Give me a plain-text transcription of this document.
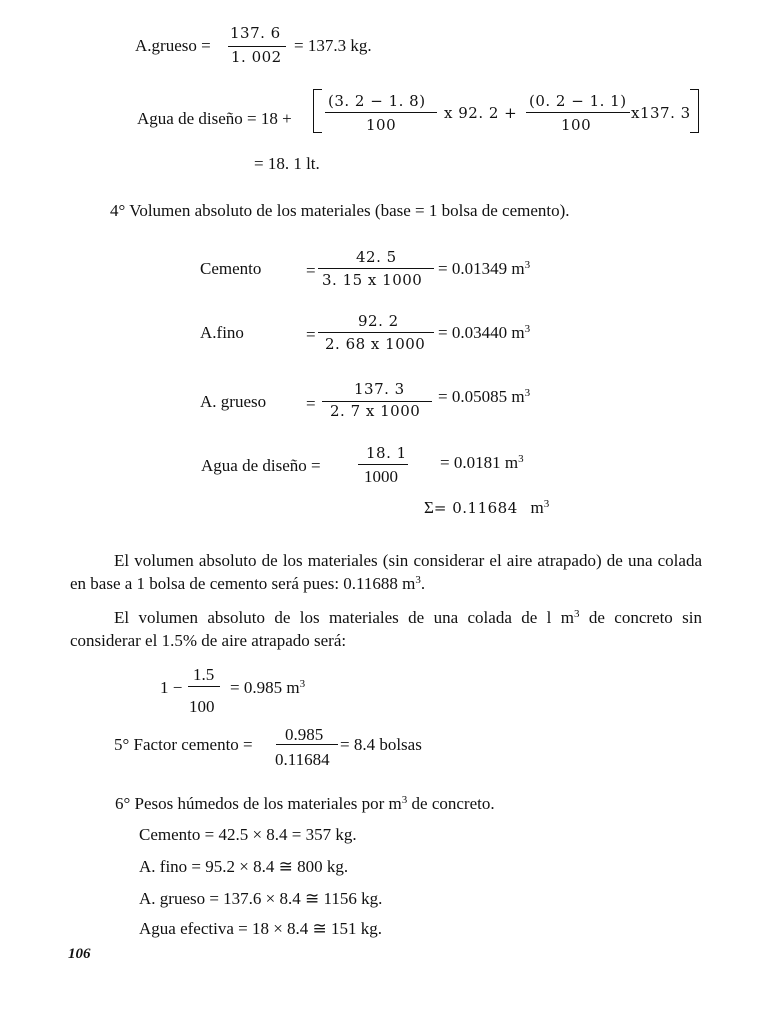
A.grueso =
137. 6
1. 002
= 137.3 kg.
Agua de diseño = 18 +
(3. 2 − 1. 8)
100
x 92. 2 +
(0. 2 − 1. 1)
100
x137. 3
= 18. 1 lt.
4° Volumen absoluto de los materiales (base = 1 bolsa de cemento).
Cemento	=
42. 5
3. 15 x 1000
= 0.01349 $m^3$
A.fino	=
92. 2
2. 68 x 1000
= 0.03440 $m^3$
A. grueso =
137. 3
2. 7 x 1000
= 0.05085 $m^3$
Agua de diseño =
18. 1
1000
= 0.0181 $m^3$
Σ= 0.11684 $m^3$
El volumen absoluto de los materiales (sin considerar el aire atrapado) de una colada en base a 1 bolsa de cemento será pues: 0.11688 $m^3$.
El volumen absoluto de los materiales de una colada de l $m^3$ de concreto sin considerar el 1.5% de aire atrapado será:
1 −
1.5
100
= 0.985 $m^3$
5° Factor cemento =
0.985
0.11684
= 8.4 bolsas
6° Pesos húmedos de los materiales por $m^3$ de concreto.
Cemento = 42.5 × 8.4 = 357 kg.
A. fino = 95.2 × 8.4 ≅ 800 kg.
A. grueso = 137.6 × 8.4 ≅ 1156 kg.
Agua efectiva = 18 × 8.4 ≅ 151 kg.
106
